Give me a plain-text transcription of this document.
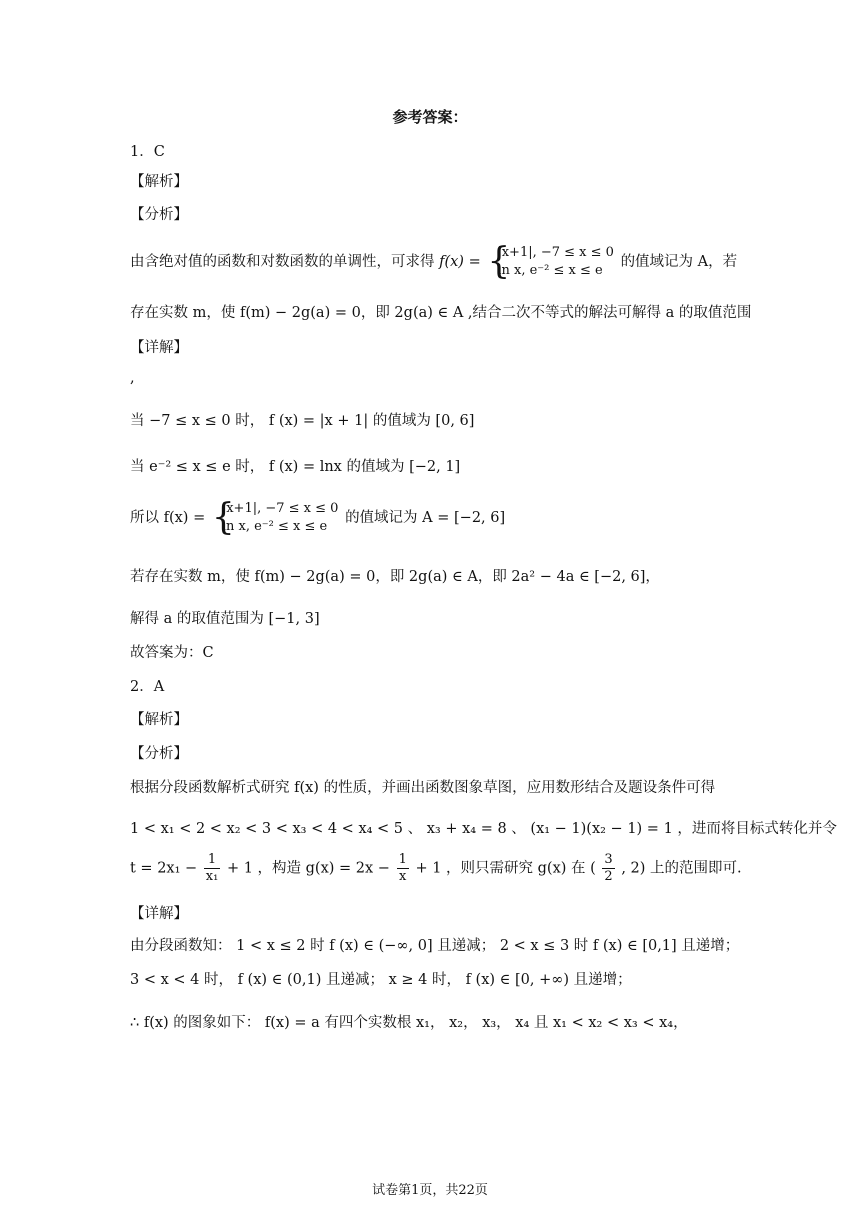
参考答案：
1．C
【解析】
【分析】
由含绝对值的函数和对数函数的单调性，可求得 f(x) = {
|x+1|, −7 ≤ x ≤ 0
ln x, e⁻² ≤ x ≤ e
的值域记为 A，若
存在实数 m，使 f(m) − 2g(a) = 0，即 2g(a) ∈ A ,结合二次不等式的解法可解得 a 的取值范围
【详解】
,
当 −7 ≤ x ≤ 0 时， f (x) = |x + 1| 的值域为 [0, 6]
当 e⁻² ≤ x ≤ e 时， f (x) = lnx 的值域为 [−2, 1]
所以 f(x) = {
|x+1|, −7 ≤ x ≤ 0
ln x, e⁻² ≤ x ≤ e
的值域记为 A = [−2, 6]
若存在实数 m，使 f(m) − 2g(a) = 0，即 2g(a) ∈ A，即 2a² − 4a ∈ [−2, 6]，
解得 a 的取值范围为 [−1, 3]
故答案为：C
2．A
【解析】
【分析】
根据分段函数解析式研究 f(x) 的性质，并画出函数图象草图，应用数形结合及题设条件可得
1 < x₁ < 2 < x₂ < 3 < x₃ < 4 < x₄ < 5 、 x₃ + x₄ = 8 、 (x₁ − 1)(x₂ − 1) = 1 ，进而将目标式转化并令
$t = 2x_1 - \frac{1}{\text{x₁}} + 1$ ，构造 $g(x) = 2x - \frac{1}{x} + 1$ ，则只需研究 g(x) 在 ( $\frac{3}{2}$ , 2) 上的范围即可.
【详解】
由分段函数知： 1 < x ≤ 2 时 f (x) ∈ (−∞, 0] 且递减； 2 < x ≤ 3 时 f (x) ∈ [0,1] 且递增；
3 < x < 4 时， f (x) ∈ (0,1) 且递减； x ≥ 4 时， f (x) ∈ [0, +∞) 且递增；
∴ f(x) 的图象如下： f(x) = a 有四个实数根 x₁， x₂， x₃， x₄ 且 x₁ < x₂ < x₃ < x₄，
试卷第1页，共22页
